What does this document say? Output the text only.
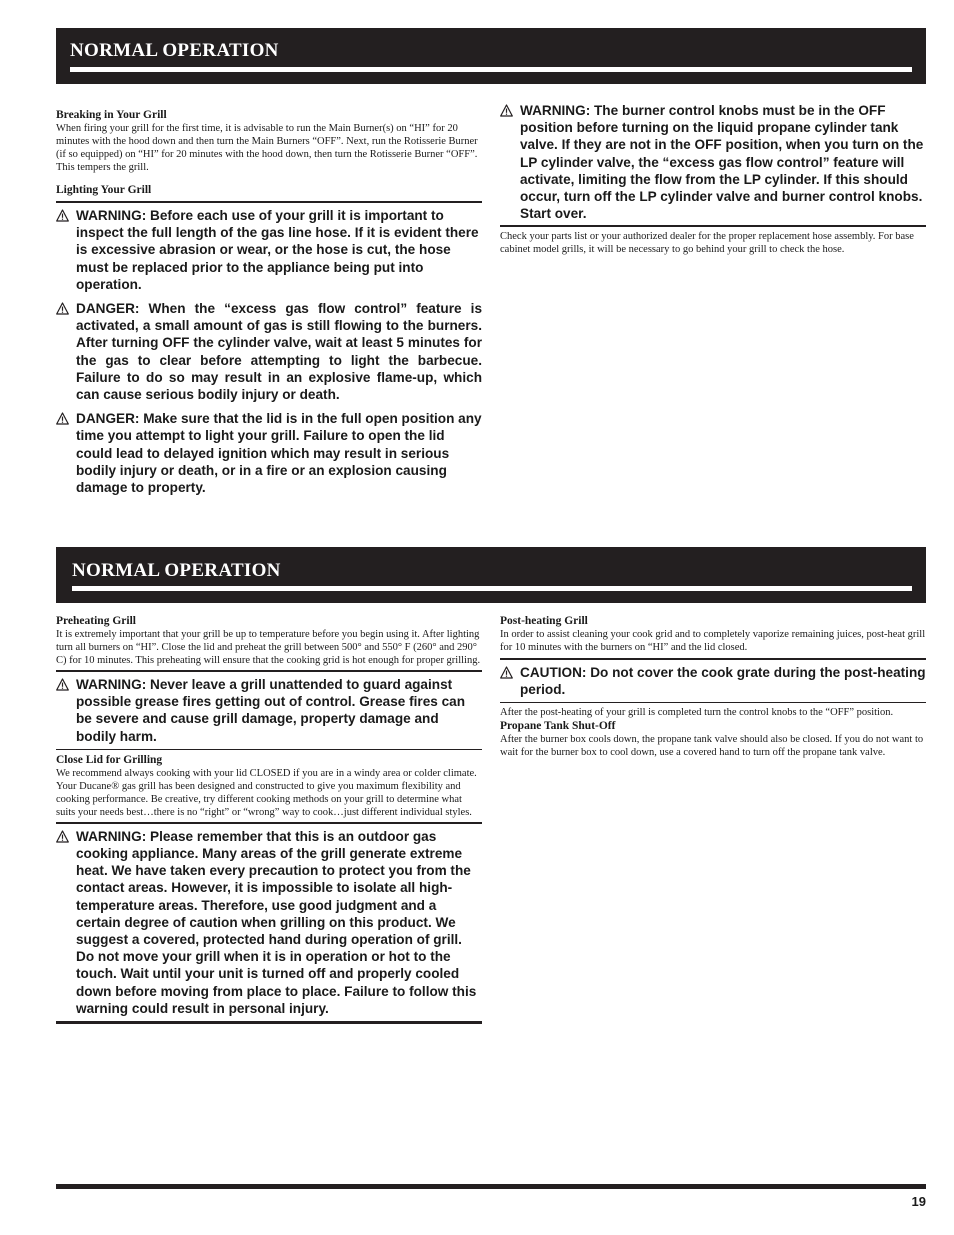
NORMAL OPERATION
Breaking in Your Grill
When firing your grill for the first time, it is advisable to run the Main Burner(s) on “HI” for 20 minutes with the hood down and then turn the Main Burners “OFF”. Next, run the Rotisserie Burner (if so equipped) on “HI” for 20 minutes with the hood down, then turn the Rotisserie Burner “OFF”. This tempers the grill.
Lighting Your Grill
WARNING: Before each use of your grill it is important to inspect the full length of the gas line hose. If it is evident there is excessive abrasion or wear, or the hose is cut, the hose must be replaced prior to the appliance being put into operation.
DANGER: When the “excess gas flow control” feature is activated, a small amount of gas is still flowing to the burners. After turning OFF the cylinder valve, wait at least 5 minutes for the gas to clear before attempting to light the barbecue. Failure to do so may result in an explosive flame-up, which can cause serious bodily injury or death.
DANGER: Make sure that the lid is in the full open position any time you attempt to light your grill. Failure to open the lid could lead to delayed ignition which may result in serious bodily injury or death, or in a fire or an explosion causing damage to property.
WARNING: The burner control knobs must be in the OFF position before turning on the liquid propane cylinder tank valve. If they are not in the OFF position, when you turn on the LP cylinder valve, the “excess gas flow control” feature will activate, limiting the flow from the LP cylinder. If this should occur, turn off the LP cylinder valve and burner control knobs. Start over.
Check your parts list or your authorized dealer for the proper replacement hose assembly. For base cabinet model grills, it will be necessary to go behind your grill to check the hose.
NORMAL OPERATION
Preheating Grill
It is extremely important that your grill be up to temperature before you begin using it. After lighting turn all burners on “HI”. Close the lid and preheat the grill between 500° and 550° F (260° and 290° C) for 10 minutes. This preheating will ensure that the cooking grid is hot enough for proper grilling.
WARNING: Never leave a grill unattended to guard against possible grease fires getting out of control. Grease fires can be severe and cause grill damage, property damage and bodily harm.
Close Lid for Grilling
We recommend always cooking with your lid CLOSED if you are in a windy area or colder climate. Your Ducane® gas grill has been designed and constructed to give you maximum flexibility and cooking performance. Be creative, try different cooking methods on your grill to determine what suits your needs best…there is no “right” or “wrong” way to cook…just different individual styles.
WARNING: Please remember that this is an outdoor gas cooking appliance. Many areas of the grill generate extreme heat. We have taken every precaution to protect you from the contact areas. However, it is impossible to isolate all high-temperature areas. Therefore, use good judgment and a certain degree of caution when grilling on this product. We suggest a covered, protected hand during operation of grill. Do not move your grill when it is in operation or hot to the touch. Wait until your unit is turned off and properly cooled down before moving from place to place. Failure to follow this warning could result in personal injury.
Post-heating Grill
In order to assist cleaning your cook grid and to completely vaporize remaining juices, post-heat grill for 10 minutes with the burners on “HI” and the lid closed.
CAUTION: Do not cover the cook grate during the post-heating period.
After the post-heating of your grill is completed turn the control knobs to the “OFF” position.
Propane Tank Shut-Off
After the burner box cools down, the propane tank valve should also be closed. If you do not want to wait for the burner box to cool down, use a covered hand to turn off the propane tank valve.
19
